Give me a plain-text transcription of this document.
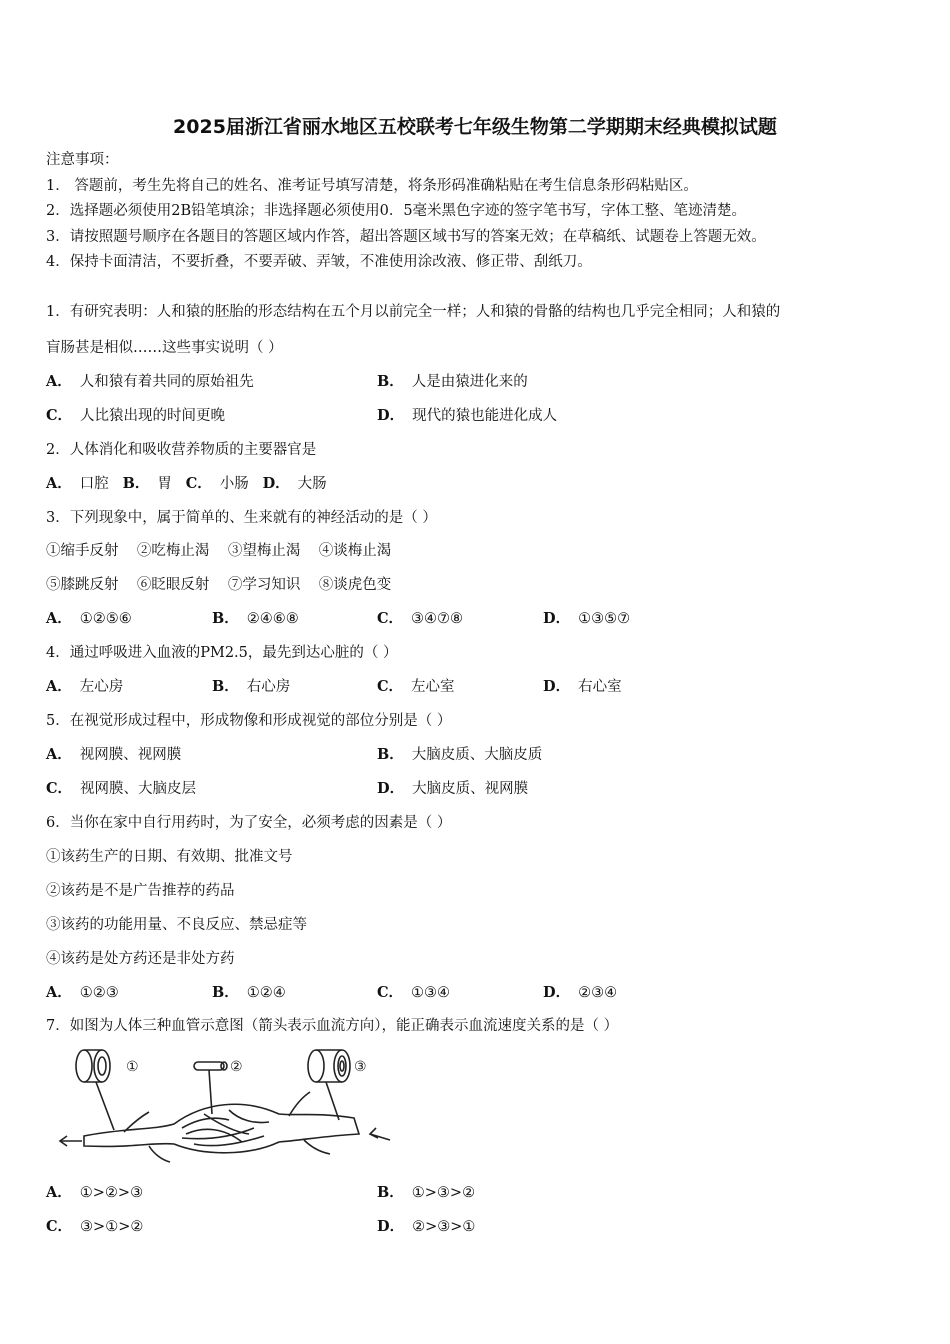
2025届浙江省丽水地区五校联考七年级生物第二学期期末经典模拟试题
注意事项：
1． 答题前，考生先将自己的姓名、准考证号填写清楚，将条形码准确粘贴在考生信息条形码粘贴区。
2．选择题必须使用2B铅笔填涂；非选择题必须使用0．5毫米黑色字迹的签字笔书写，字体工整、笔迹清楚。
3．请按照题号顺序在各题目的答题区域内作答，超出答题区域书写的答案无效；在草稿纸、试题卷上答题无效。
4．保持卡面清洁，不要折叠，不要弄破、弄皱，不准使用涂改液、修正带、刮纸刀。
1．有研究表明：人和猿的胚胎的形态结构在五个月以前完全一样；人和猿的骨骼的结构也几乎完全相同；人和猿的
盲肠甚是相似……这些事实说明（ ）
A． 人和猿有着共同的原始祖先	B． 人是由猿进化来的
C． 人比猿出现的时间更晚	D． 现代的猿也能进化成人
2．人体消化和吸收营养物质的主要器官是
A． 口腔 B． 胃 C． 小肠 D． 大肠
3．下列现象中，属于简单的、生来就有的神经活动的是（ ）
①缩手反射    ②吃梅止渴    ③望梅止渴    ④谈梅止渴
⑤膝跳反射    ⑥眨眼反射    ⑦学习知识    ⑧谈虎色变
A． ①②⑤⑥	B． ②④⑥⑧	C． ③④⑦⑧	D． ①③⑤⑦
4．通过呼吸进入血液的PM2.5，最先到达心脏的（ ）
A． 左心房	B． 右心房	C． 左心室	D． 右心室
5．在视觉形成过程中，形成物像和形成视觉的部位分别是（ ）
A． 视网膜、视网膜	B． 大脑皮质、大脑皮质
C． 视网膜、大脑皮层	D． 大脑皮质、视网膜
6．当你在家中自行用药时，为了安全，必须考虑的因素是（ ）
①该药生产的日期、有效期、批准文号
②该药是不是广告推荐的药品
③该药的功能用量、不良反应、禁忌症等
④该药是处方药还是非处方药
A． ①②③	B． ①②④	C． ①③④	D． ②③④
7．如图为人体三种血管示意图（箭头表示血流方向），能正确表示血流速度关系的是（ ）
①	②	③
A． ①>②>③	B． ①>③>②
C． ③>①>②	D． ②>③>①
